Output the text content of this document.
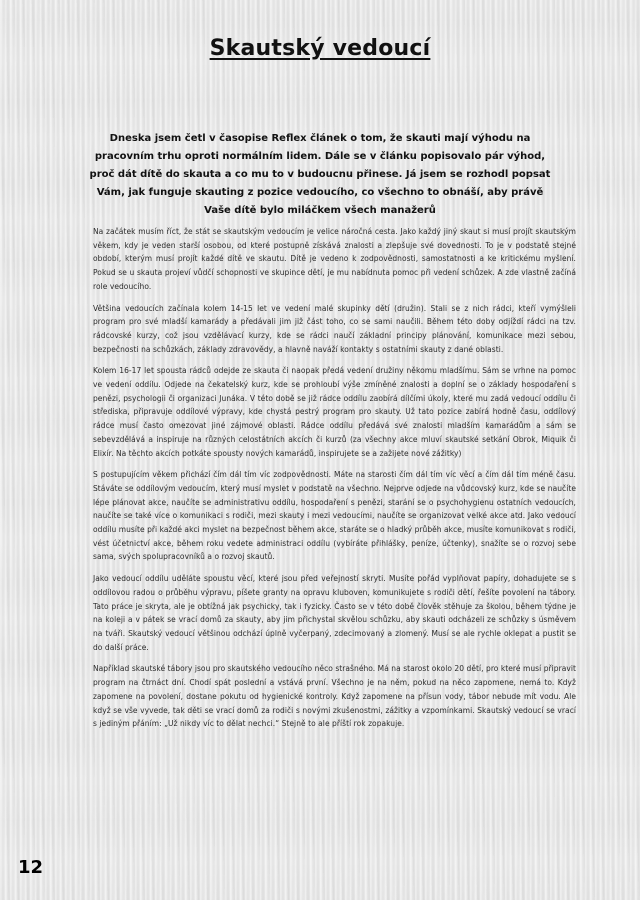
Skautský vedoucí
Dneska jsem četl v časopise Reflex článek o tom, že skauti mají výhodu na pracovním trhu oproti normálním lidem. Dále se v článku popisovalo pár výhod, proč dát dítě do skauta a co mu to v budoucnu přinese. Já jsem se rozhodl popsat Vám, jak funguje skauting z pozice vedoucího, co všechno to obnáší, aby právě Vaše dítě bylo miláčkem všech manažerů

Na začátek musím říct, že stát se skautským vedoucím je velice náročná cesta. Jako každý jiný skaut si musí projít skautským věkem, kdy je veden starší osobou, od které postupně získává znalosti a zlepšuje své dovednosti. To je v podstatě stejné období, kterým musí projít každé dítě ve skautu. Dítě je vedeno k zodpovědnosti, samostatnosti a ke kritickému myšlení. Pokud se u skauta projeví vůdčí schopnosti ve skupince dětí, je mu nabídnuta pomoc při vedení schůzek. A zde vlastně začíná role vedoucího.

Většina vedoucích začínala kolem 14-15 let ve vedení malé skupinky dětí (družin). Stali se z nich rádci, kteří vymýšleli program pro své mladší kamarády a předávali jim již část toho, co se sami naučili. Během této doby odjíždí rádci na tzv. rádcovské kurzy, což jsou vzdělávací kurzy, kde se rádci naučí základní principy plánování, komunikace mezi sebou, bezpečnosti na schůzkách, základy zdravovědy, a hlavně naváží kontakty s ostatními skauty z dané oblasti.

Kolem 16-17 let spousta rádců odejde ze skauta či naopak předá vedení družiny někomu mladšímu. Sám se vrhne na pomoc ve vedení oddílu. Odjede na čekatelský kurz, kde se prohloubí výše zmíněné znalosti a doplní se o základy hospodaření s penězi, psychologii či organizaci Junáka. V této době se již rádce oddílu zaobírá dílčími úkoly, které mu zadá vedoucí oddílu či střediska, připravuje oddílové výpravy, kde chystá pestrý program pro skauty. Už tato pozice zabírá hodně času, oddílový rádce musí často omezovat jiné zájmové oblasti. Rádce oddílu předává své znalosti mladším kamarádům a sám se sebevzdělává a inspiruje na různých celostátních akcích či kurzů (za všechny akce mluví skautské setkání Obrok, Miquik či Elixír. Na těchto akcích potkáte spousty nových kamarádů, inspirujete se a zažijete nové zážitky)

S postupujícím věkem přichází čím dál tím víc zodpovědnosti. Máte na starosti čím dál tím víc věcí a čím dál tím méně času. Stáváte se oddílovým vedoucím, který musí myslet v podstatě na všechno. Nejprve odjede na vůdcovský kurz, kde se naučíte lépe plánovat akce, naučíte se administrativu oddílu, hospodaření s penězi, starání se o psychohygienu ostatních vedoucích, naučíte se také více o komunikaci s rodiči, mezi skauty i mezi vedoucími, naučíte se organizovat velké akce atd. Jako vedoucí oddílu musíte při každé akci myslet na bezpečnost během akce, staráte se o hladký průběh akce, musíte komunikovat s rodiči, vést účetnictví akce, během roku vedete administraci oddílu (vybíráte přihlášky, peníze, účtenky), snažíte se o rozvoj sebe sama, svých spolupracovníků a o rozvoj skautů.

Jako vedoucí oddílu uděláte spoustu věcí, které jsou před veřejností skryti. Musíte pořád vyplňovat papíry, dohadujete se s oddílovou radou o průběhu výpravu, píšete granty na opravu kluboven, komunikujete s rodiči dětí, řešíte povolení na tábory. Tato práce je skryta, ale je obtížná jak psychicky, tak i fyzicky. Často se v této době člověk stěhuje za školou, během týdne je na koleji a v pátek se vrací domů za skauty, aby jim přichystal skvělou schůzku, aby skauti odcházeli ze schůzky s úsměvem na tváři. Skautský vedoucí většinou odchází úplně vyčerpaný, zdecimovaný a zlomený. Musí se ale rychle oklepat a pustit se do další práce.

Například skautské tábory jsou pro skautského vedoucího něco strašného. Má na starost okolo 20 dětí, pro které musí připravit program na čtrnáct dní. Chodí spát poslední a vstává první. Všechno je na něm, pokud na něco zapomene, nemá to. Když zapomene na povolení, dostane pokutu od hygienické kontroly. Když zapomene na přísun vody, tábor nebude mít vodu. Ale když se vše vyvede, tak děti se vrací domů za rodiči s novými zkušenostmi, zážitky a vzpomínkami. Skautský vedoucí se vrací s jediným přáním: „Už nikdy víc to dělat nechci.“ Stejně to ale příští rok zopakuje.

12
